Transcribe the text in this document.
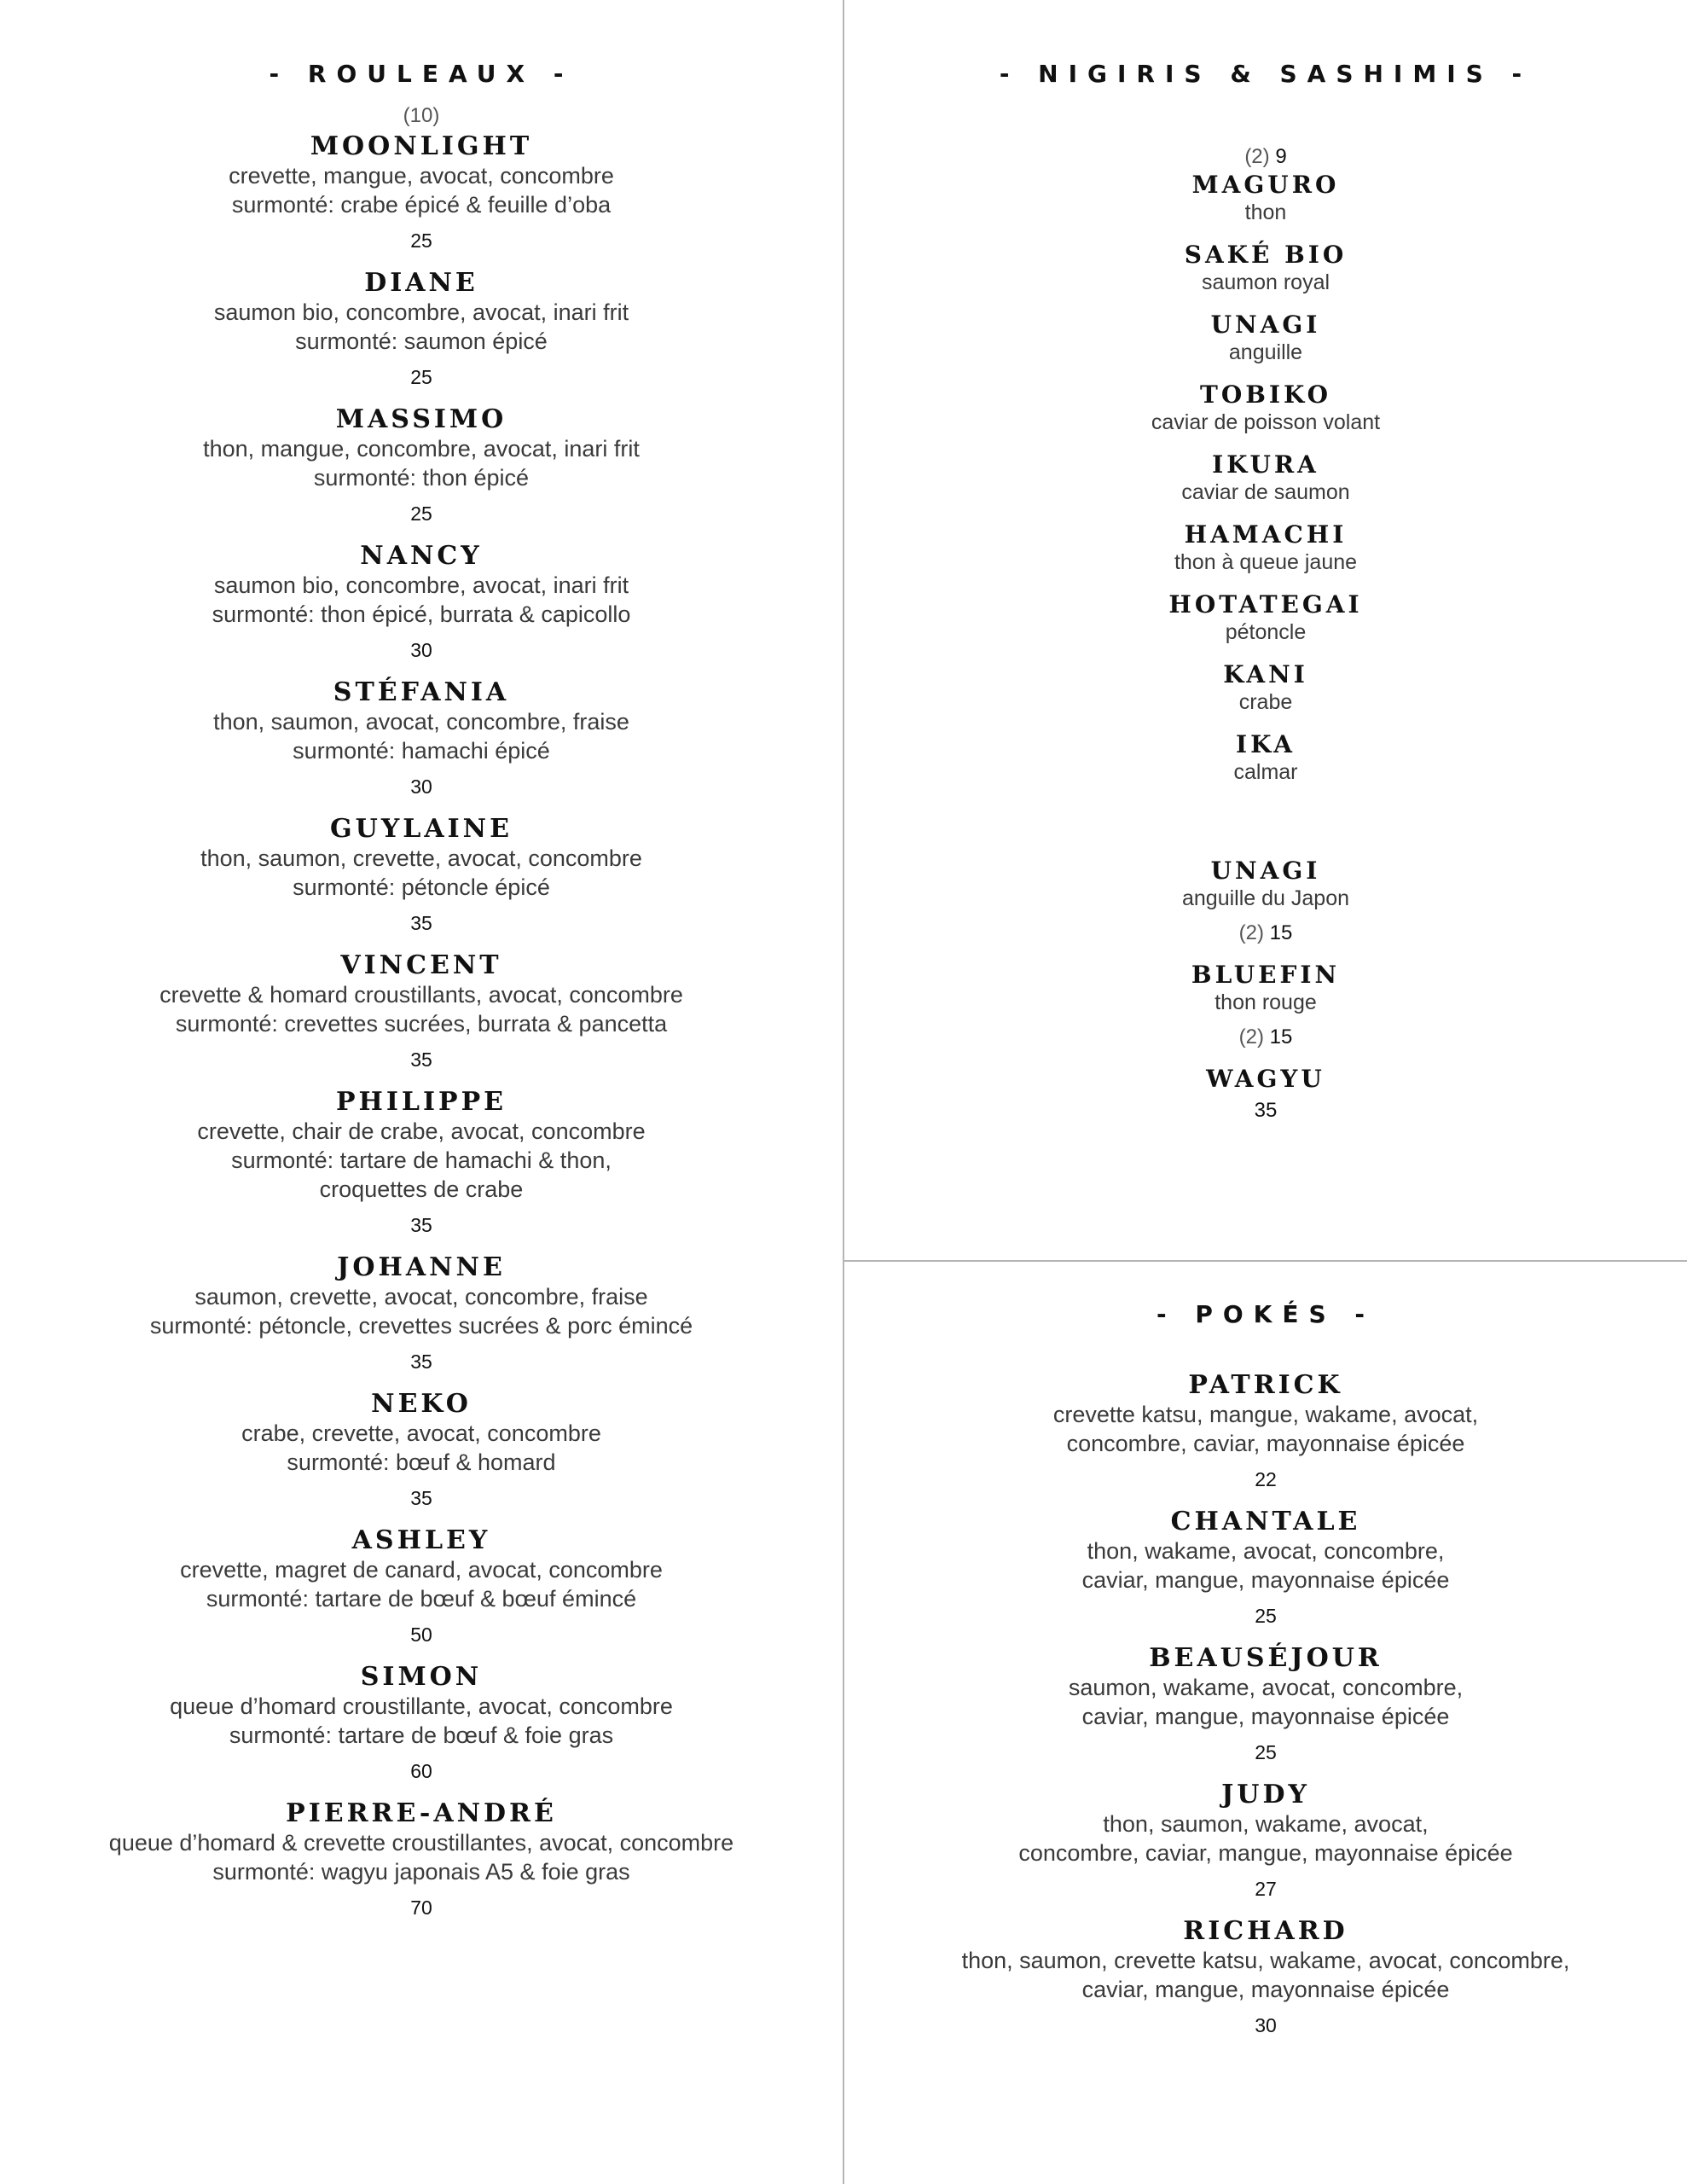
- ROULEAUX -
(10)
MOONLIGHT
crevette, mangue, avocat, concombre
surmonté: crabe épicé & feuille d’oba
25
DIANE
saumon bio, concombre, avocat, inari frit
surmonté: saumon épicé
25
MASSIMO
thon, mangue, concombre, avocat, inari frit
surmonté: thon épicé
25
NANCY
saumon bio, concombre, avocat, inari frit
surmonté: thon épicé, burrata & capicollo
30
STÉFANIA
thon, saumon, avocat, concombre, fraise
surmonté: hamachi épicé
30
GUYLAINE
thon, saumon, crevette, avocat, concombre
surmonté: pétoncle épicé
35
VINCENT
crevette & homard croustillants, avocat, concombre
surmonté: crevettes sucrées, burrata & pancetta
35
PHILIPPE
crevette, chair de crabe, avocat, concombre
surmonté: tartare de hamachi & thon,
croquettes de crabe
35
JOHANNE
saumon, crevette, avocat, concombre, fraise
surmonté: pétoncle, crevettes sucrées & porc émincé
35
NEKO
crabe, crevette, avocat, concombre
surmonté: bœuf & homard
35
ASHLEY
crevette, magret de canard, avocat, concombre
surmonté: tartare de bœuf & bœuf émincé
50
SIMON
queue d’homard croustillante, avocat, concombre
surmonté: tartare de bœuf & foie gras
60
PIERRE-ANDRÉ
queue d’homard & crevette croustillantes, avocat, concombre
surmonté: wagyu japonais A5 & foie gras
70
- NIGIRIS & SASHIMIS -
(2) 9
MAGURO
thon
SAKÉ BIO
saumon royal
UNAGI
anguille
TOBIKO
caviar de poisson volant
IKURA
caviar de saumon
HAMACHI
thon à queue jaune
HOTATEGAI
pétoncle
KANI
crabe
IKA
calmar
UNAGI
anguille du Japon
(2) 15
BLUEFIN
thon rouge
(2) 15
WAGYU
35
- POKÉS -
PATRICK
crevette katsu, mangue, wakame, avocat,
concombre, caviar, mayonnaise épicée
22
CHANTALE
thon, wakame, avocat, concombre,
caviar, mangue, mayonnaise épicée
25
BEAUSÉJOUR
saumon, wakame, avocat, concombre,
caviar, mangue, mayonnaise épicée
25
JUDY
thon, saumon, wakame, avocat,
concombre, caviar, mangue, mayonnaise épicée
27
RICHARD
thon, saumon, crevette katsu, wakame, avocat, concombre,
caviar, mangue, mayonnaise épicée
30
